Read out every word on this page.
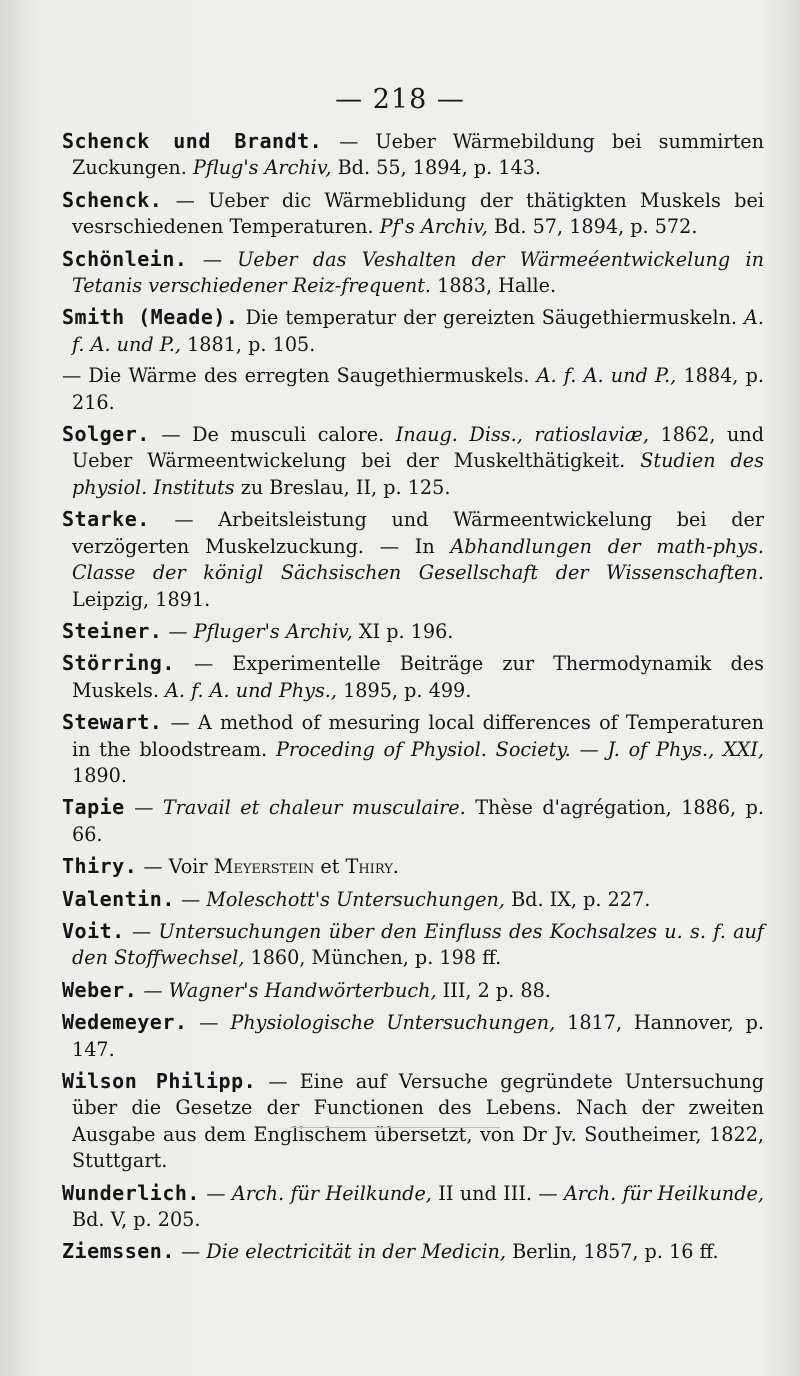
— 218 —

Schenck und Brandt. — Ueber Wärmebildung bei summirten Zuckungen. Pflug's Archiv, Bd. 55, 1894, p. 143.

Schenck. — Ueber dic Wärmeblidung der thätigkten Muskels bei vesrschiedenen Temperaturen. Pf's Archiv, Bd. 57, 1894, p. 572.

Schönlein. — Ueber das Veshalten der Wärmeéentwickelung in Tetanis verschiedener Reiz-frequent. 1883, Halle.

Smith (Meade). Die temperatur der gereizten Säugethiermuskeln. A. f. A. und P., 1881, p. 105.

— Die Wärme des erregten Saugethiermuskels. A. f. A. und P., 1884, p. 216.

Solger. — De musculi calore. Inaug. Diss., ratioslaviæ, 1862, und Ueber Wärmeentwickelung bei der Muskelthätigkeit. Studien des physiol. Instituts zu Breslau, II, p. 125.

Starke. — Arbeitsleistung und Wärmeentwickelung bei der verzögerten Muskelzuckung. — In Abhandlungen der math-phys. Classe der königl Sächsischen Gesellschaft der Wissenschaften. Leipzig, 1891.

Steiner. — Pfluger's Archiv, XI p. 196.

Störring. — Experimentelle Beiträge zur Thermodynamik des Muskels. A. f. A. und Phys., 1895, p. 499.

Stewart. — A method of mesuring local differences of Temperaturen in the bloodstream. Proceding of Physiol. Society. — J. of Phys., XXI, 1890.

Tapie — Travail et chaleur musculaire. Thèse d'agrégation, 1886, p. 66.

Thiry. — Voir Meyerstein et Thiry.

Valentin. — Moleschott's Untersuchungen, Bd. IX, p. 227.

Voit. — Untersuchungen über den Einfluss des Kochsalzes u. s. f. auf den Stoffwechsel, 1860, München, p. 198 ff.

Weber. — Wagner's Handwörterbuch, III, 2 p. 88.

Wedemeyer. — Physiologische Untersuchungen, 1817, Hannover, p. 147.

Wilson Philipp. — Eine auf Versuche gegründete Untersuchung über die Gesetze der Functionen des Lebens. Nach der zweiten Ausgabe aus dem Englischem übersetzt, von Dr Jv. Southeimer, 1822, Stuttgart.

Wunderlich. — Arch. für Heilkunde, II und III. — Arch. für Heilkunde, Bd. V, p. 205.

Ziemssen. — Die electricität in der Medicin, Berlin, 1857, p. 16 ff.
